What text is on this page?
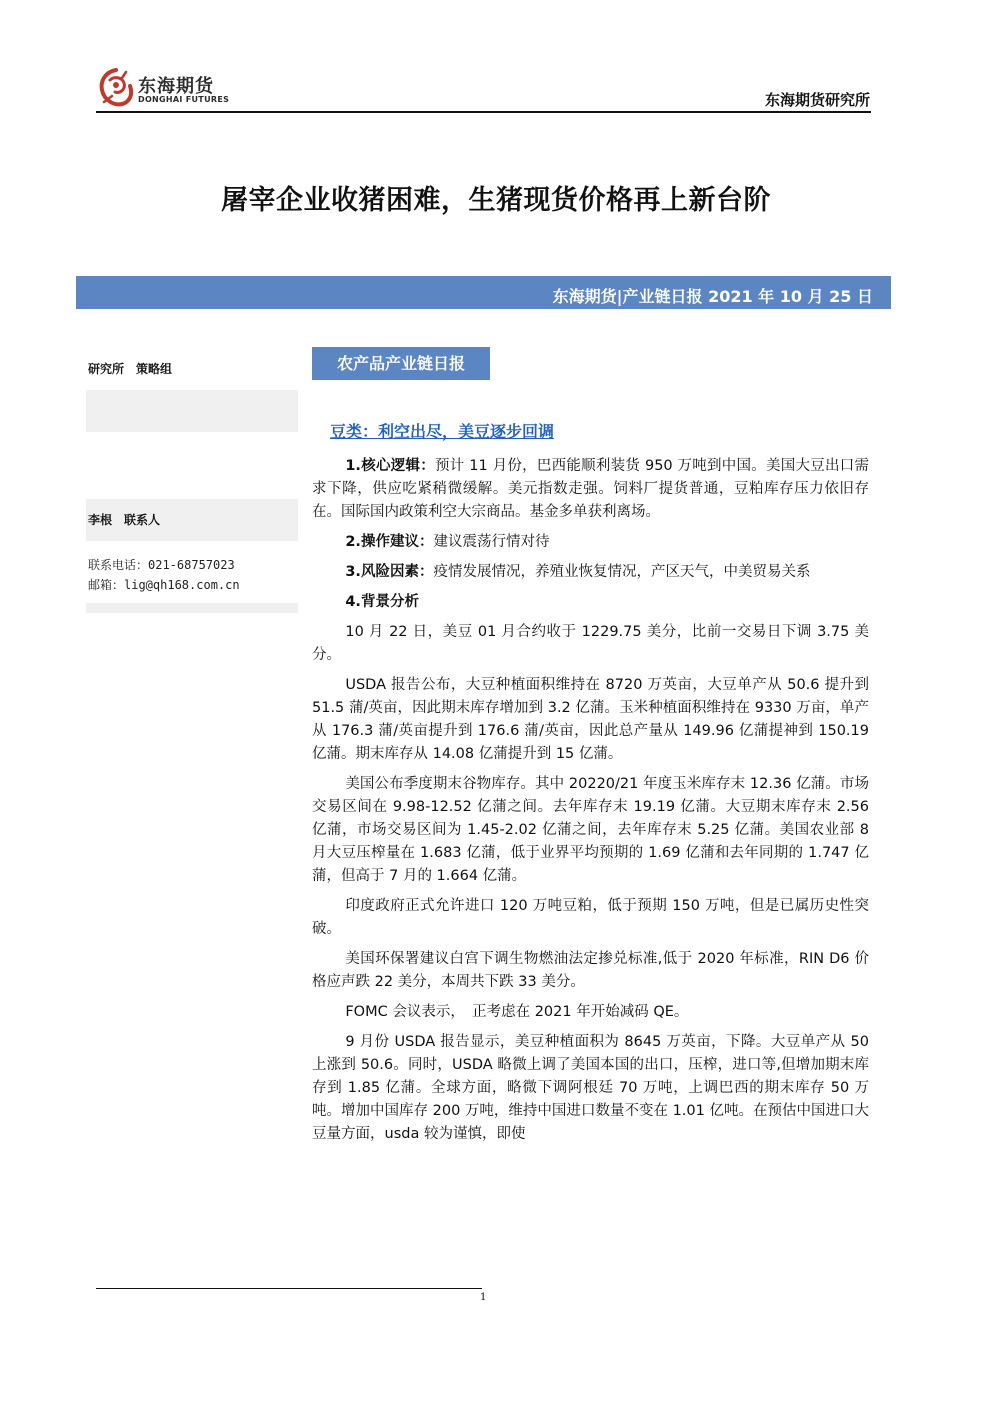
东海期货
DONGHAI FUTURES	东海期货研究所
屠宰企业收猪困难，生猪现货价格再上新台阶
东海期货|产业链日报 2021 年 10 月 25 日
研究所　策略组
李根　联系人
联系电话：021-68757023
邮箱：lig@qh168.com.cn
农产品产业链日报
豆类：利空出尽，美豆逐步回调

1.核心逻辑：预计 11 月份，巴西能顺利装货 950 万吨到中国。美国大豆出口需求下降，供应吃紧稍微缓解。美元指数走强。饲料厂提货普通，豆粕库存压力依旧存在。国际国内政策利空大宗商品。基金多单获利离场。

2.操作建议：建议震荡行情对待

3.风险因素：疫情发展情况，养殖业恢复情况，产区天气，中美贸易关系

4.背景分析

10 月 22 日，美豆 01 月合约收于 1229.75 美分，比前一交易日下调 3.75 美分。

USDA 报告公布，大豆种植面积维持在 8720 万英亩，大豆单产从 50.6 提升到 51.5 蒲/英亩，因此期末库存增加到 3.2 亿蒲。玉米种植面积维持在 9330 万亩，单产从 176.3 蒲/英亩提升到 176.6 蒲/英亩，因此总产量从 149.96 亿蒲提神到 150.19 亿蒲。期末库存从 14.08 亿蒲提升到 15 亿蒲。

美国公布季度期末谷物库存。其中 20220/21 年度玉米库存末 12.36 亿蒲。市场交易区间在 9.98-12.52 亿蒲之间。去年库存末 19.19 亿蒲。大豆期末库存末 2.56 亿蒲，市场交易区间为 1.45-2.02 亿蒲之间，去年库存末 5.25 亿蒲。美国农业部 8 月大豆压榨量在 1.683 亿蒲，低于业界平均预期的 1.69 亿蒲和去年同期的 1.747 亿蒲，但高于 7 月的 1.664 亿蒲。

印度政府正式允许进口 120 万吨豆粕，低于预期 150 万吨，但是已属历史性突破。

美国环保署建议白宫下调生物燃油法定掺兑标准,低于 2020 年标准，RIN D6 价格应声跌 22 美分，本周共下跌 33 美分。

FOMC 会议表示，　正考虑在 2021 年开始减码 QE。

9 月份 USDA 报告显示，美豆种植面积为 8645 万英亩，下降。大豆单产从 50 上涨到 50.6。同时，USDA 略微上调了美国本国的出口，压榨，进口等,但增加期末库存到 1.85 亿蒲。全球方面，略微下调阿根廷 70 万吨，上调巴西的期末库存 50 万吨。增加中国库存 200 万吨，维持中国进口数量不变在 1.01 亿吨。在预估中国进口大豆量方面，usda 较为谨慎，即使

1
